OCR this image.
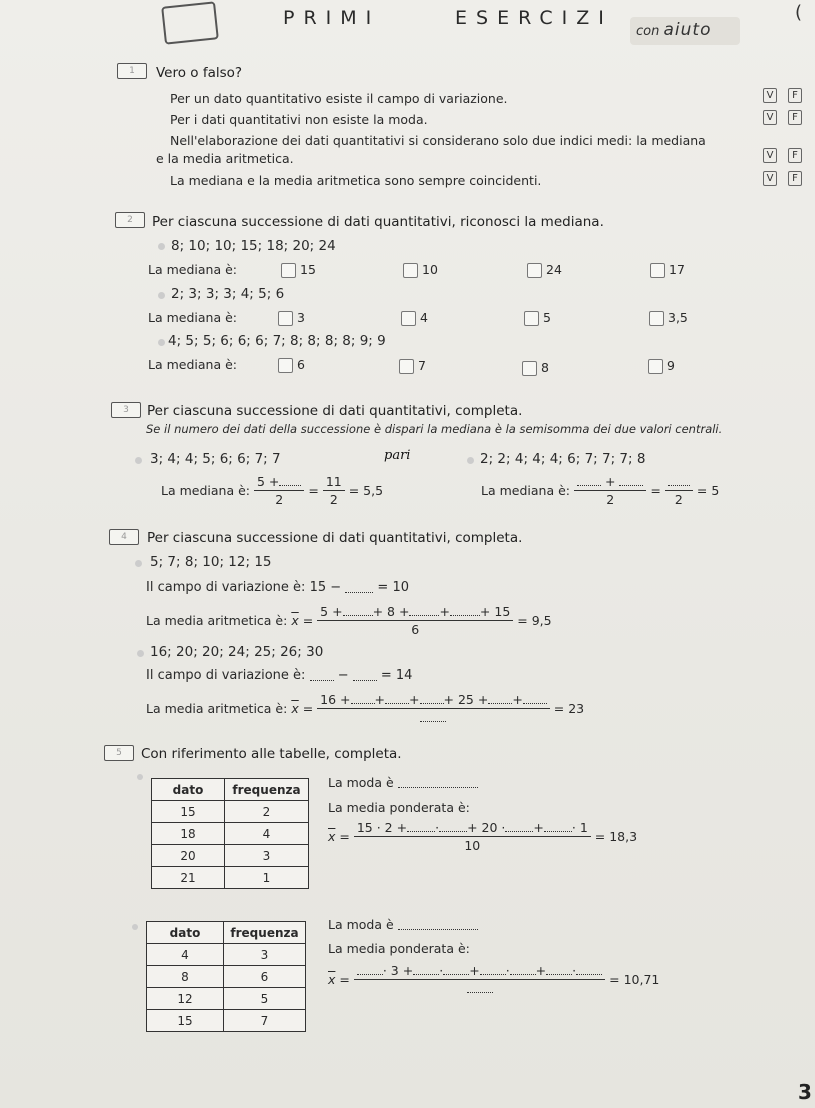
PRIMI	ESERCIZI
con aiuto
(
1	Vero o falso?
Per un dato quantitativo esiste il campo di variazione.
Per i dati quantitativi non esiste la moda.
Nell'elaborazione dei dati quantitativi si considerano solo due indici medi: la mediana
e la media aritmetica.
La mediana e la media aritmetica sono sempre coincidenti.
V	F
V	F
V	F
V	F
2	Per ciascuna successione di dati quantitativi, riconosci la mediana.
8; 10; 10; 15; 18; 20; 24
La mediana è:	15	10	24	17
2; 3; 3; 3; 4; 5; 6
La mediana è:	3	4	5	3,5
4; 5; 5; 6; 6; 6; 7; 8; 8; 8; 8; 9; 9
La mediana è:	6	7	8	9
3	Per ciascuna successione di dati quantitativi, completa.
Se il numero dei dati della successione è dispari la mediana è la semisomma dei due valori centrali.
pari
3; 4; 4; 5; 6; 6; 7; 7	2; 2; 4; 4; 4; 6; 7; 7; 7; 8
La mediana è:
$\frac{5 +}{2}$
=
$\frac{11}{2}$
= 5,5	La mediana è:
$\frac{+}{2}$
=

2

= 5
4	Per ciascuna successione di dati quantitativi, completa.
5; 7; 8; 10; 12; 15
Il campo di variazione è:
15 −

	= 10
La media aritmetica è:
$\overline{x}$
=
$\frac{5 + + 8 + + + 15}{6}$
= 9,5
16; 20; 20; 24; 25; 26; 30
Il campo di variazione è:

−

= 14
La media aritmetica è:
$\overline{x}$
=

16 + + + + 25 + +

= 23
5	Con riferimento alle tabelle, completa.
dato	frequenza
15	2
18	4
20	3
21	1
La moda è

La media ponderata è:
$\overline{x}$
=
$\frac{15 \cdot 2 + \cdot + 20 \cdot + \cdot 1}{10}$
= 18,3
dato	frequenza
4	3
8	6
12	5
15	7
La moda è

La media ponderata è:
$\overline{x}$
=

· 3 + · + · + ·

= 10,71
3
